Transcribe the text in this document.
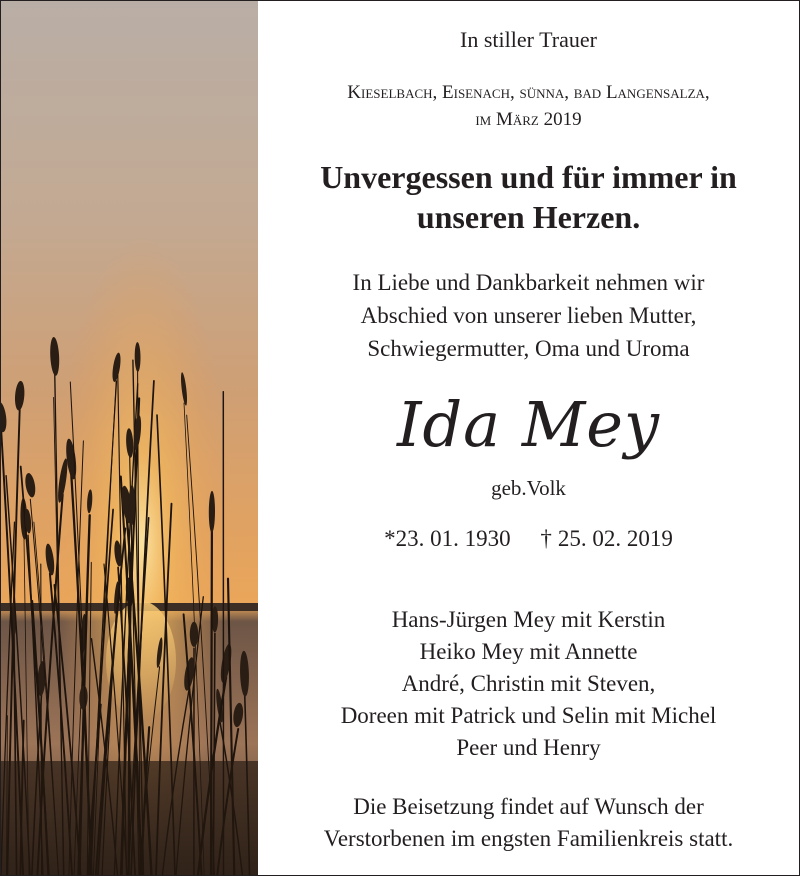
In stiller Trauer

Kieselbach, Eisenach, sünna, bad Langensalza,
im März 2019

Unvergessen und für immer in
unseren Herzen.

In Liebe und Dankbarkeit nehmen wir
Abschied von unserer lieben Mutter,
Schwiegermutter, Oma und Uroma

Ida Mey

geb.Volk

*23. 01. 1930 † 25. 02. 2019

Hans-Jürgen Mey mit Kerstin
Heiko Mey mit Annette
André, Christin mit Steven,
Doreen mit Patrick und Selin mit Michel
Peer und Henry

Die Beisetzung findet auf Wunsch der
Verstorbenen im engsten Familienkreis statt.
